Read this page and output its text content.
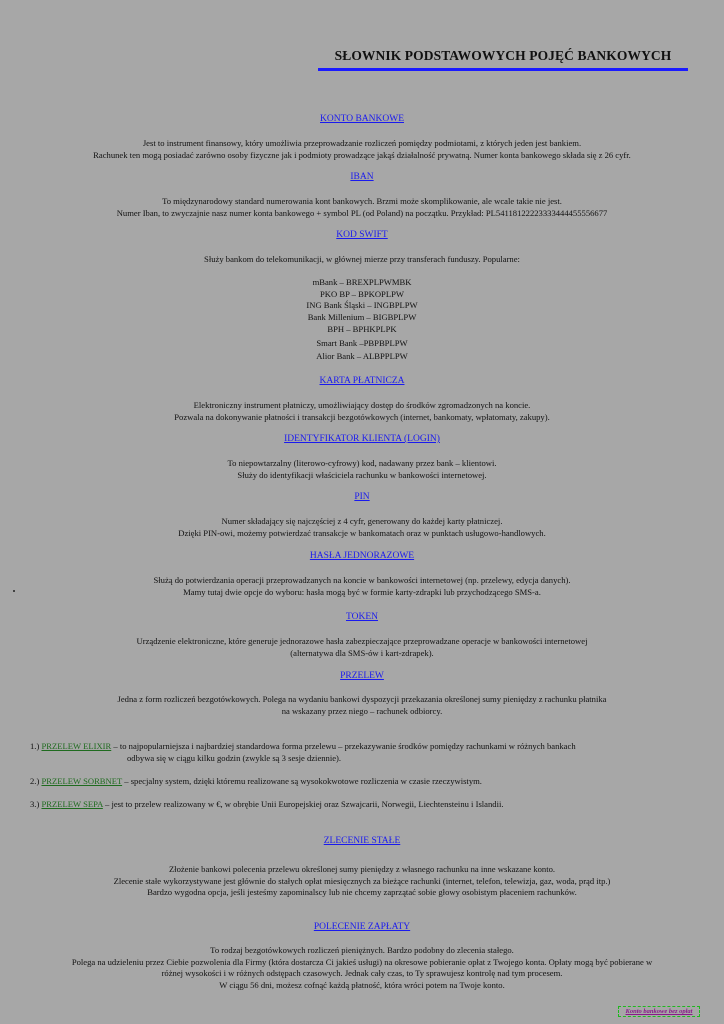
SŁOWNIK PODSTAWOWYCH POJĘĆ BANKOWYCH
KONTO BANKOWE
Jest to instrument finansowy, który umożliwia przeprowadzanie rozliczeń pomiędzy podmiotami, z których jeden jest bankiem.
Rachunek ten mogą posiadać zarówno osoby fizyczne jak i podmioty prowadzące jakąś działalność prywatną. Numer konta bankowego składa się z 26 cyfr.
IBAN
To międzynarodowy standard numerowania kont bankowych. Brzmi może skomplikowanie, ale wcale takie nie jest.
Numer Iban, to zwyczajnie nasz numer konta bankowego + symbol PL (od Poland) na początku. Przykład: PL54118122223333444455556677
KOD SWIFT
Służy bankom do telekomunikacji, w głównej mierze przy transferach funduszy. Popularne:
mBank – BREXPLPWMBK
PKO BP – BPKOPLPW
ING Bank Śląski – INGBPLPW
Bank Millenium – BIGBPLPW
BPH – BPHKPLPK
Smart Bank –PBPBPLPW
Alior Bank – ALBPPLPW
KARTA PŁATNICZA
Elektroniczny instrument płatniczy, umożliwiający dostęp do środków zgromadzonych na koncie.
Pozwala na dokonywanie płatności i transakcji bezgotówkowych (internet, bankomaty, wpłatomaty, zakupy).
IDENTYFIKATOR KLIENTA (LOGIN)
To niepowtarzalny (literowo-cyfrowy) kod, nadawany przez bank – klientowi.
Służy do identyfikacji właściciela rachunku w bankowości internetowej.
PIN
Numer składający się najczęściej z 4 cyfr, generowany do każdej karty płatniczej.
Dzięki PIN-owi, możemy potwierdzać transakcje w bankomatach oraz w punktach usługowo-handlowych.
HASŁA JEDNORAZOWE
Służą do potwierdzania operacji przeprowadzanych na koncie w bankowości internetowej (np. przelewy, edycja danych).
Mamy tutaj dwie opcje do wyboru: hasła mogą być w formie karty-zdrapki lub przychodzącego SMS-a.
TOKEN
Urządzenie elektroniczne, które generuje jednorazowe hasła zabezpieczające przeprowadzane operacje w bankowości internetowej
(alternatywa dla SMS-ów i kart-zdrapek).
PRZELEW
Jedna z form rozliczeń bezgotówkowych. Polega na wydaniu bankowi dyspozycji przekazania określonej sumy pieniędzy z rachunku płatnika
na wskazany przez niego – rachunek odbiorcy.
1.) PRZELEW ELIXIR – to najpopularniejsza i najbardziej standardowa forma przelewu – przekazywanie środków pomiędzy rachunkami w różnych bankach
odbywa się w ciągu kilku godzin (zwykle są 3 sesje dziennie).
2.) PRZELEW SORBNET – specjalny system, dzięki któremu realizowane są wysokokwotowe rozliczenia w czasie rzeczywistym.
3.) PRZELEW SEPA – jest to przelew realizowany w €, w obrębie Unii Europejskiej oraz Szwajcarii, Norwegii, Liechtensteinu i Islandii.
ZLECENIE STAŁE
Złożenie bankowi polecenia przelewu określonej sumy pieniędzy z własnego rachunku na inne wskazane konto.
Zlecenie stałe wykorzystywane jest głównie do stałych opłat miesięcznych za bieżące rachunki (internet, telefon, telewizja, gaz, woda, prąd itp.)
Bardzo wygodna opcja, jeśli jesteśmy zapominalscy lub nie chcemy zaprzątać sobie głowy osobistym płaceniem rachunków.
POLECENIE ZAPŁATY
To rodzaj bezgotówkowych rozliczeń pieniężnych. Bardzo podobny do zlecenia stałego.
Polega na udzieleniu przez Ciebie pozwolenia dla Firmy (która dostarcza Ci jakieś usługi) na okresowe pobieranie opłat z Twojego konta. Opłaty mogą być pobierane w
różnej wysokości i w różnych odstępach czasowych. Jednak cały czas, to Ty sprawujesz kontrolę nad tym procesem.
W ciągu 56 dni, możesz cofnąć każdą płatność, która wróci potem na Twoje konto.
Konto bankowe bez opłat
